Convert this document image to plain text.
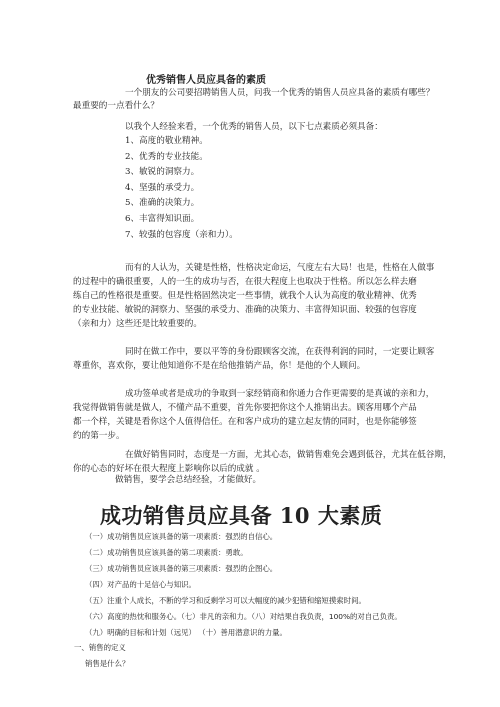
优秀销售人员应具备的素质
一个朋友的公司要招聘销售人员，问我一个优秀的销售人员应具备的素质有哪些？
最重要的一点看什么？
以我个人经验来看，一个优秀的销售人员，以下七点素质必须具备：
1、高度的敬业精神。
2、优秀的专业技能。
3、敏锐的洞察力。
4、坚强的承受力。
5、准确的决策力。
6、丰富得知识面。
7、较强的包容度（亲和力）。
而有的人认为，关键是性格，性格决定命运，气度左右大局！也是，性格在人做事
的过程中的确很重要，人的一生的成功与否，在很大程度上也取决于性格。所以怎么样去磨
练自己的性格很是重要。但是性格固然决定一些事情，就我个人认为高度的敬业精神、优秀
的专业技能、敏锐的洞察力、坚强的承受力、准确的决策力、丰富得知识面、较强的包容度
（亲和力）这些还是比较重要的。
同时在做工作中，要以平等的身份跟顾客交流，在获得利润的同时，一定要让顾客
尊重你，喜欢你，要让他知道你不是在给他推销产品，你！是他的个人顾问。
成功签单或者是成功的争取到一家经销商和你通力合作更需要的是真诚的亲和力，
我觉得做销售就是做人，不懂产品不重要，首先你要把你这个人推销出去。顾客用哪个产品
都一个样，关键是看你这个人值得信任。在和客户成功的建立起友情的同时，也是你能够签
约的第一步。
在做好销售同时，态度是一方面，尤其心态，做销售难免会遇到低谷，尤其在低谷期，
你的心态的好坏在很大程度上影响你以后的成就 。
做销售，要学会总结经验，才能做好。
成功销售员应具备 10 大素质
（一）成功销售员应该具备的第一项素质：强烈的自信心。
（二）成功销售员应该具备的第二项素质：勇敢。
（三）成功销售员应该具备的第三项素质：强烈的企图心。
（四）对产品的十足信心与知识。
（五）注重个人成长，不断的学习和反剩学习可以大幅度的减少犯错和缩短摸索时间。
（六）高度的热忱和服务心。（七）非凡的亲和力。（八）对结果自我负责，100%的对自己负责。
（九）明确的目标和计划（远见） （十）善用潜意识的力量。
一、销售的定义
销售是什么？
